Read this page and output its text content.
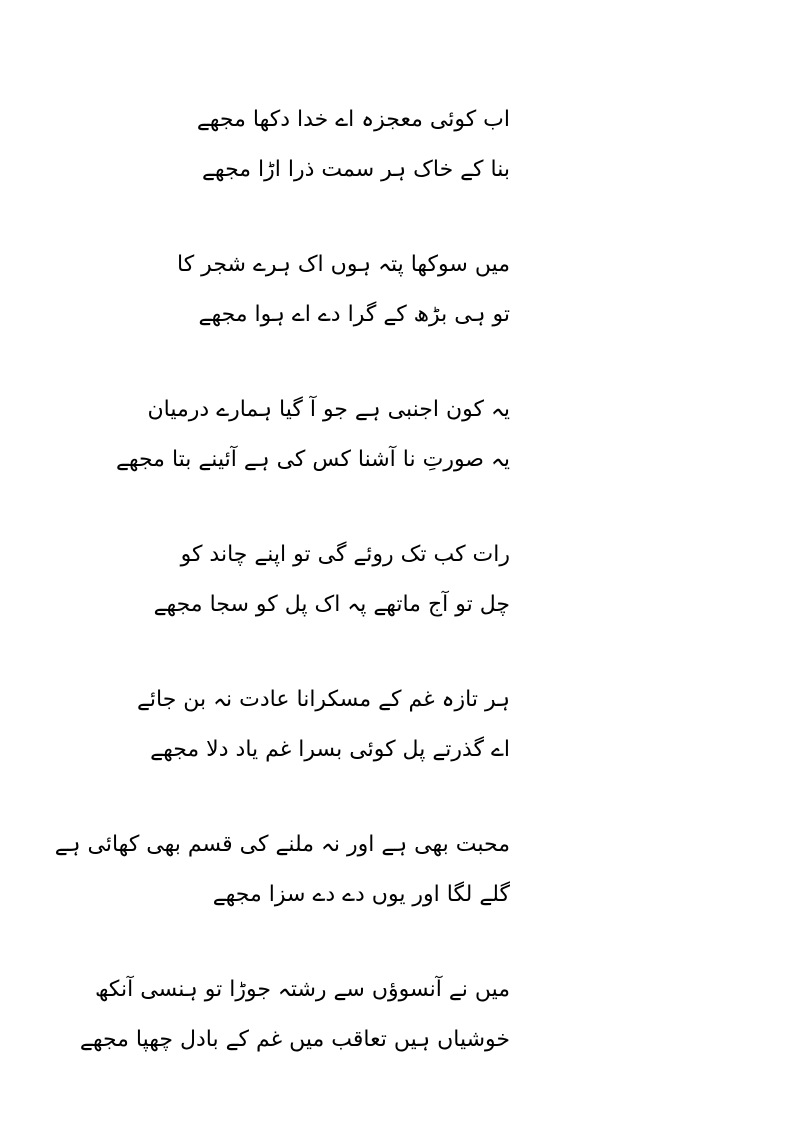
اب کوئی معجزہ اے خدا دکھا مجھے
بنا کے خاک ہر سمت ذرا اڑا مجھے
میں سوکھا پتہ ہوں اک ہرے شجر کا
تو ہی بڑھ کے گرا دے اے ہوا مجھے
یہ کون اجنبی ہے جو آ گیا ہمارے درمیان
یہ صورتِ نا آشنا کس کی ہے آئینے بتا مجھے
رات کب تک روئے گی تو اپنے چاند کو
چل تو آج ماتھے پہ اک پل کو سجا مجھے
ہر تازہ غم کے مسکرانا عادت نہ بن جائے
اے گذرتے پل کوئی بسرا غم یاد دلا مجھے
محبت بھی ہے اور نہ ملنے کی قسم بھی کھائی ہے
گلے لگا اور یوں دے دے سزا مجھے
میں نے آنسوؤں سے رشتہ جوڑا تو ہنسی آنکھ
خوشیاں ہیں تعاقب میں غم کے بادل چھپا مجھے
